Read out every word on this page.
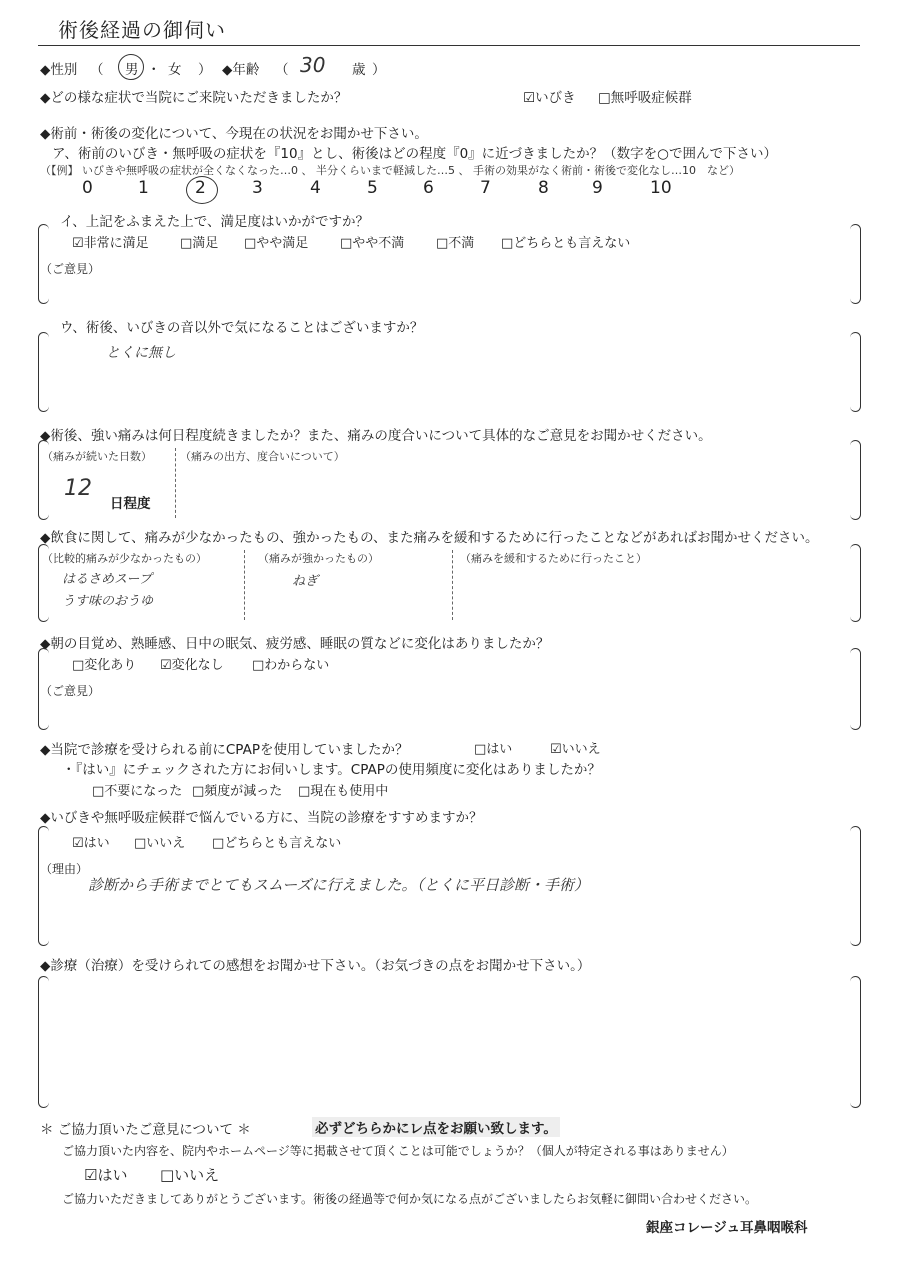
術後経過の御伺い
◆性別 （ 男 ・ 女 ） ◆年齢 （ 30 歳 ）
◆どの様な症状で当院にご来院いただきましたか？	☑いびき □無呼吸症候群
◆術前・術後の変化について、今現在の状況をお聞かせ下さい。
ア、術前のいびき・無呼吸の症状を『10』とし、術後はどの程度『0』に近づきましたか？（数字を○で囲んで下さい）
（【例】 いびきや無呼吸の症状が全くなくなった…0 、 半分くらいまで軽減した…5 、 手術の効果がなく術前・術後で変化なし…10　など）
0	1	2	3	4	5	6	7	8	9	10
イ、上記をふまえた上で、満足度はいかがですか？
☑非常に満足 □満足 □やや満足 □やや不満 □不満 □どちらとも言えない
（ご意見）
ウ、術後、いびきの音以外で気になることはございますか？
とくに無し
◆術後、強い痛みは何日程度続きましたか？また、痛みの度合いについて具体的なご意見をお聞かせください。
（痛みが続いた日数）
12
日程度
（痛みの出方、度合いについて）
◆飲食に関して、痛みが少なかったもの、強かったもの、また痛みを緩和するために行ったことなどがあればお聞かせください。
（比較的痛みが少なかったもの）
はるさめスープ
うす味のおうゆ
（痛みが強かったもの）
ねぎ
（痛みを緩和するために行ったこと）
◆朝の目覚め、熟睡感、日中の眠気、疲労感、睡眠の質などに変化はありましたか？
□変化あり ☑変化なし □わからない
（ご意見）
◆当院で診療を受けられる前にCPAPを使用していましたか？	□はい	☑いいえ
・『はい』にチェックされた方にお伺いします。CPAPの使用頻度に変化はありましたか？
□不要になった □頻度が減った □現在も使用中
◆いびきや無呼吸症候群で悩んでいる方に、当院の診療をすすめますか？
☑はい □いいえ □どちらとも言えない
（理由）
診断から手術までとてもスムーズに行えました。（とくに平日診断・手術）
◆診療（治療）を受けられての感想をお聞かせ下さい。（お気づきの点をお聞かせ下さい。）
＊ ご協力頂いたご意見について ＊	必ずどちらかにレ点をお願い致します。
ご協力頂いた内容を、院内やホームページ等に掲載させて頂くことは可能でしょうか？（個人が特定される事はありません）
☑はい □いいえ
ご協力いただきましてありがとうございます。術後の経過等で何か気になる点がございましたらお気軽に御問い合わせください。
銀座コレージュ耳鼻咽喉科
